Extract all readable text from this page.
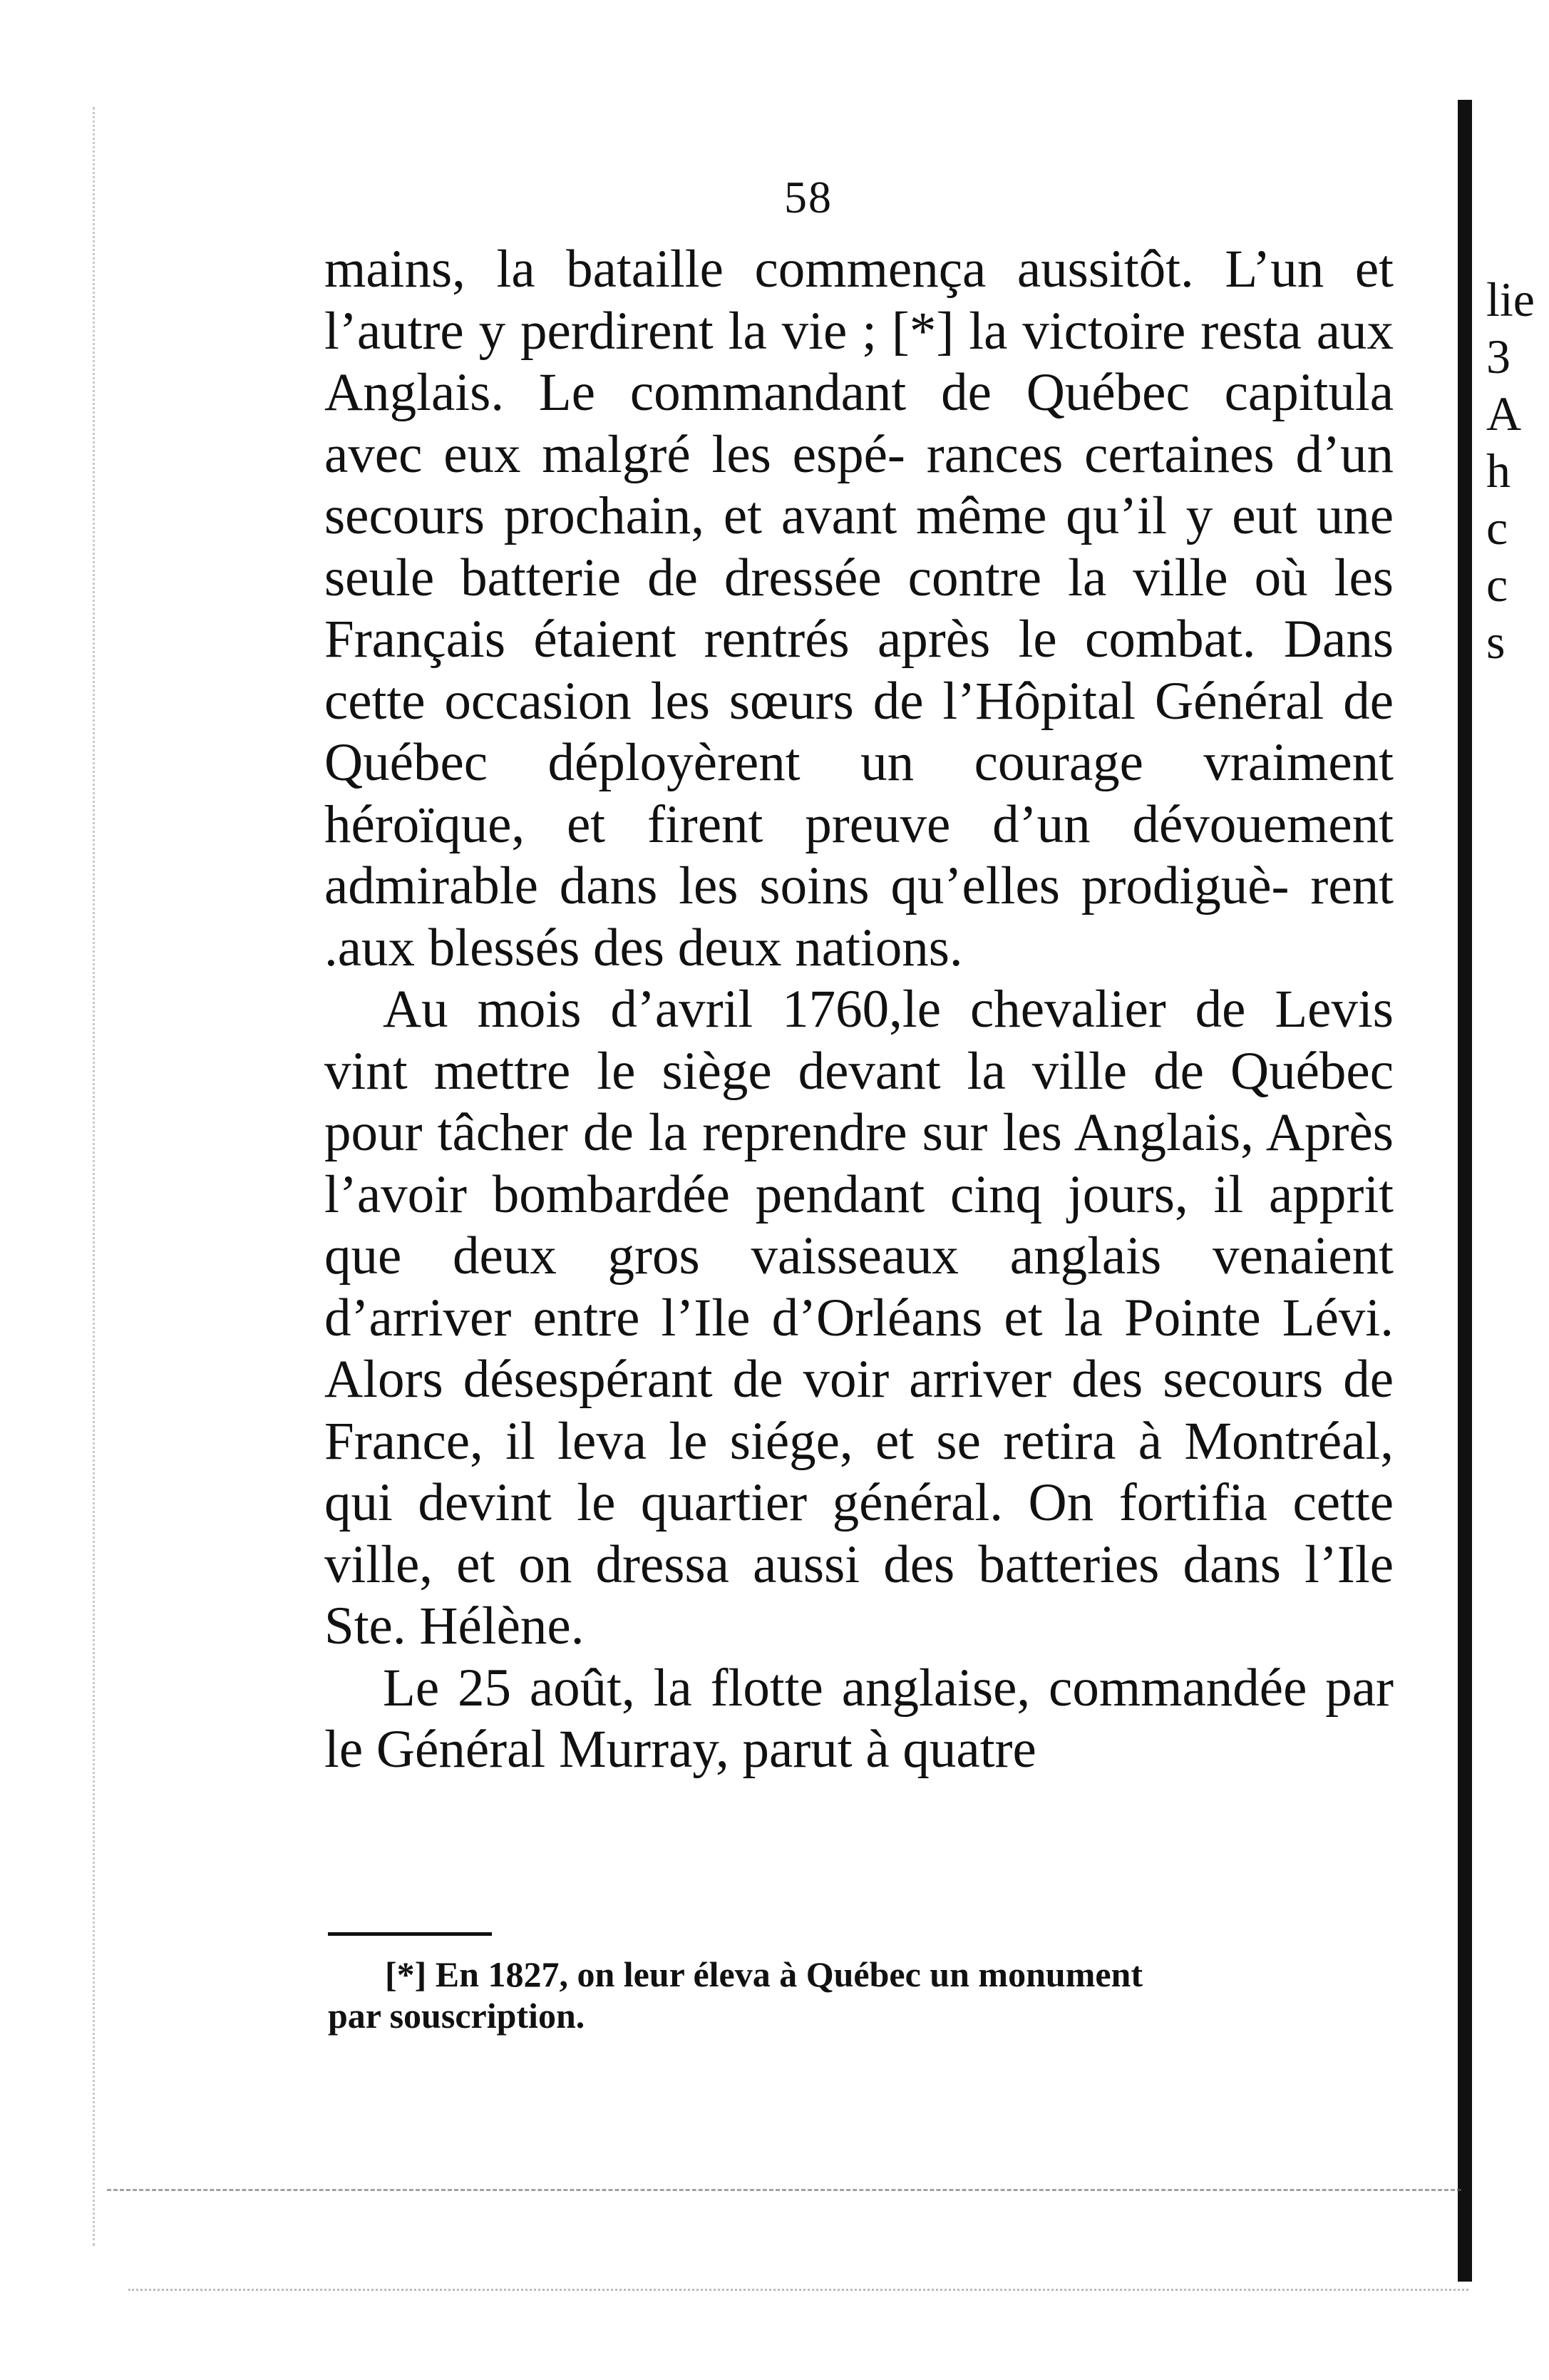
58

mains, la bataille commença aussitôt. L’un et l’autre y perdirent la vie ; [*] la victoire resta aux Anglais. Le commandant de Québec capitula avec eux malgré les espé- rances certaines d’un secours prochain, et avant même qu’il y eut une seule batterie de dressée contre la ville où les Français étaient rentrés après le combat. Dans cette occasion les sœurs de l’Hôpital Général de Québec déployèrent un courage vraiment héroïque, et firent preuve d’un dévouement admirable dans les soins qu’elles prodiguè- rent .aux blessés des deux nations.

Au mois d’avril 1760,le chevalier de Levis vint mettre le siège devant la ville de Québec pour tâcher de la reprendre sur les Anglais, Après l’avoir bombardée pendant cinq jours, il apprit que deux gros vaisseaux anglais venaient d’arriver entre l’Ile d’Orléans et la Pointe Lévi. Alors désespérant de voir arriver des secours de France, il leva le siége, et se retira à Montréal, qui devint le quartier général. On fortifia cette ville, et on dressa aussi des batteries dans l’Ile Ste. Hélène.

Le 25 août, la flotte anglaise, commandée par le Général Murray, parut à quatre

[*] En 1827, on leur éleva à Québec un monument
par souscription.
lie
3
A
h
c
c
s
